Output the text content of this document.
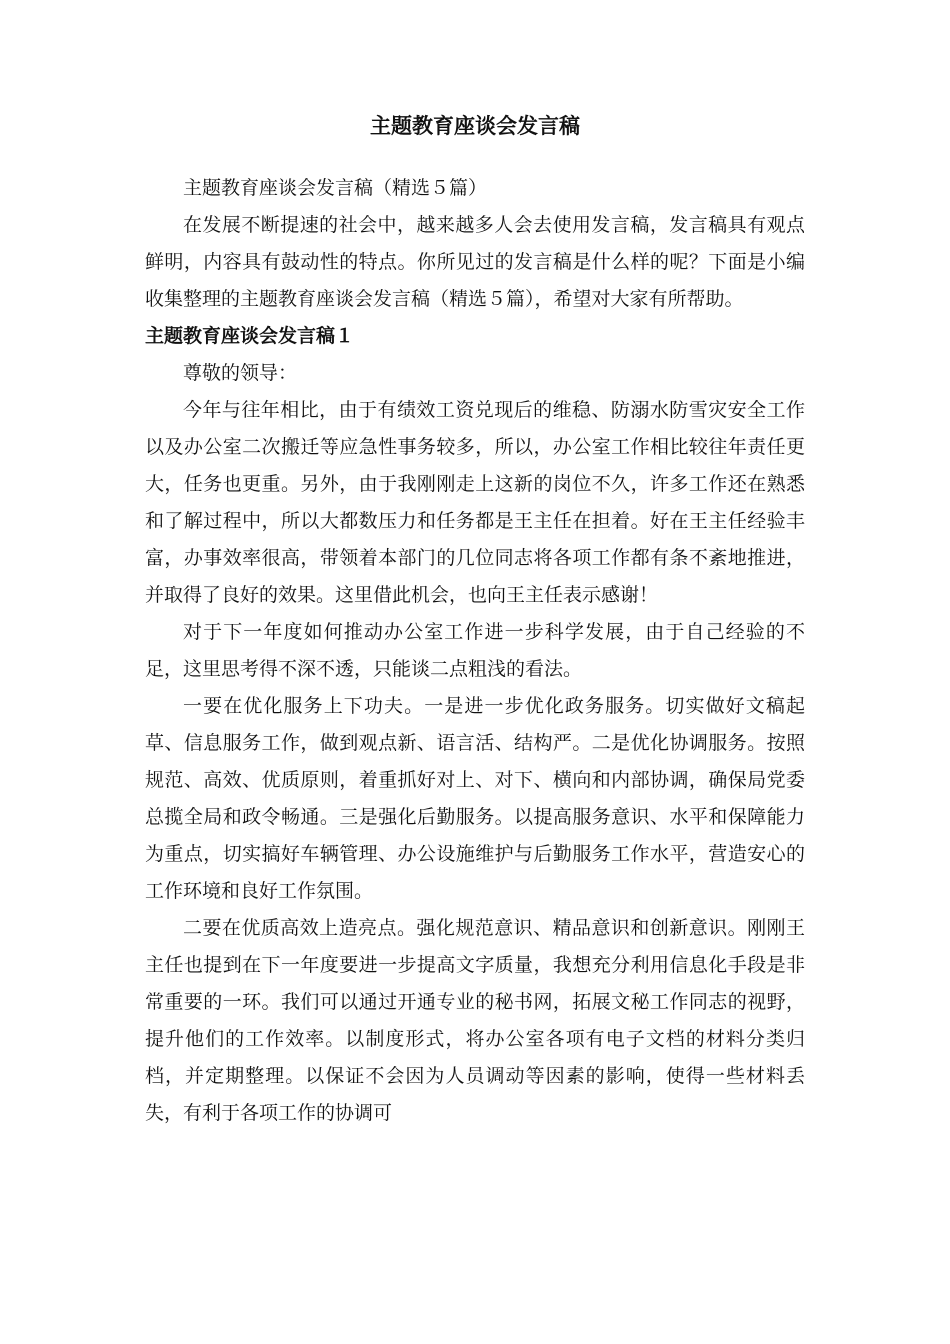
主题教育座谈会发言稿

主题教育座谈会发言稿（精选５篇）

在发展不断提速的社会中，越来越多人会去使用发言稿，发言稿具有观点鲜明，内容具有鼓动性的特点。你所见过的发言稿是什么样的呢？下面是小编收集整理的主题教育座谈会发言稿（精选５篇），希望对大家有所帮助。

主题教育座谈会发言稿１

尊敬的领导：

今年与往年相比，由于有绩效工资兑现后的维稳、防溺水防雪灾安全工作以及办公室二次搬迁等应急性事务较多，所以，办公室工作相比较往年责任更大，任务也更重。另外，由于我刚刚走上这新的岗位不久，许多工作还在熟悉和了解过程中，所以大都数压力和任务都是王主任在担着。好在王主任经验丰富，办事效率很高，带领着本部门的几位同志将各项工作都有条不紊地推进，并取得了良好的效果。这里借此机会，也向王主任表示感谢！

对于下一年度如何推动办公室工作进一步科学发展，由于自己经验的不足，这里思考得不深不透，只能谈二点粗浅的看法。

一要在优化服务上下功夫。一是进一步优化政务服务。切实做好文稿起草、信息服务工作，做到观点新、语言活、结构严。二是优化协调服务。按照规范、高效、优质原则，着重抓好对上、对下、横向和内部协调，确保局党委总揽全局和政令畅通。三是强化后勤服务。以提高服务意识、水平和保障能力为重点，切实搞好车辆管理、办公设施维护与后勤服务工作水平，营造安心的工作环境和良好工作氛围。

二要在优质高效上造亮点。强化规范意识、精品意识和创新意识。刚刚王主任也提到在下一年度要进一步提高文字质量，我想充分利用信息化手段是非常重要的一环。我们可以通过开通专业的秘书网，拓展文秘工作同志的视野，提升他们的工作效率。以制度形式，将办公室各项有电子文档的材料分类归档，并定期整理。以保证不会因为人员调动等因素的影响，使得一些材料丢失，有利于各项工作的协调可
